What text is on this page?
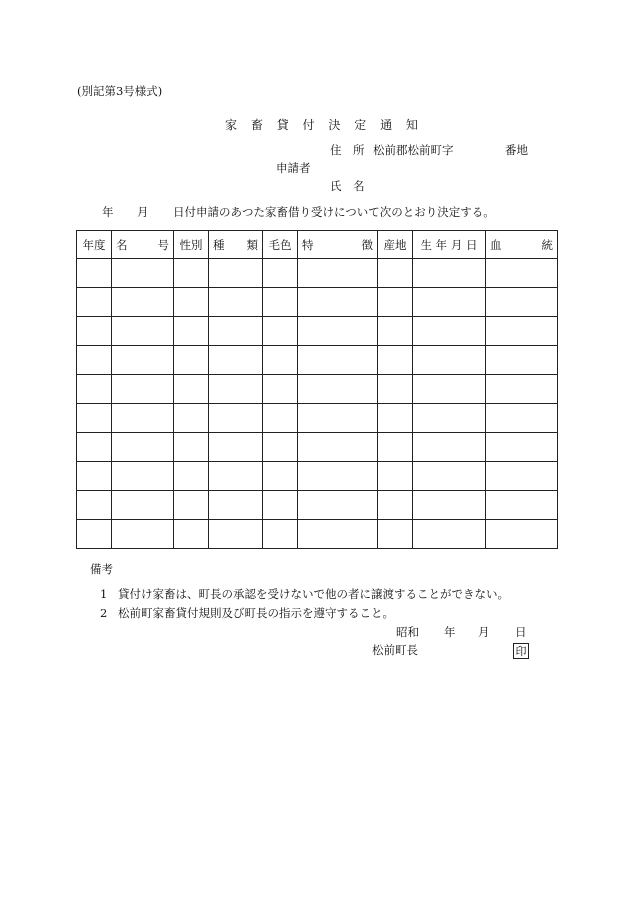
(別記第3号様式)
家 畜 貸 付 決 定 通 知
住　所 松前郡松前町字	番地
申請者
氏　名
年 月 日付申請のあつた家畜借り受けについて次のとおり決定する。
年度	名 号	性別	種 類	毛色	特 徴	産地	生 年 月 日	血 統

備考
1 貸付け家畜は、町長の承認を受けないで他の者に譲渡することができない。
2 松前町家畜貸付規則及び町長の指示を遵守すること。
昭和 年 月 日
松前町長	印
